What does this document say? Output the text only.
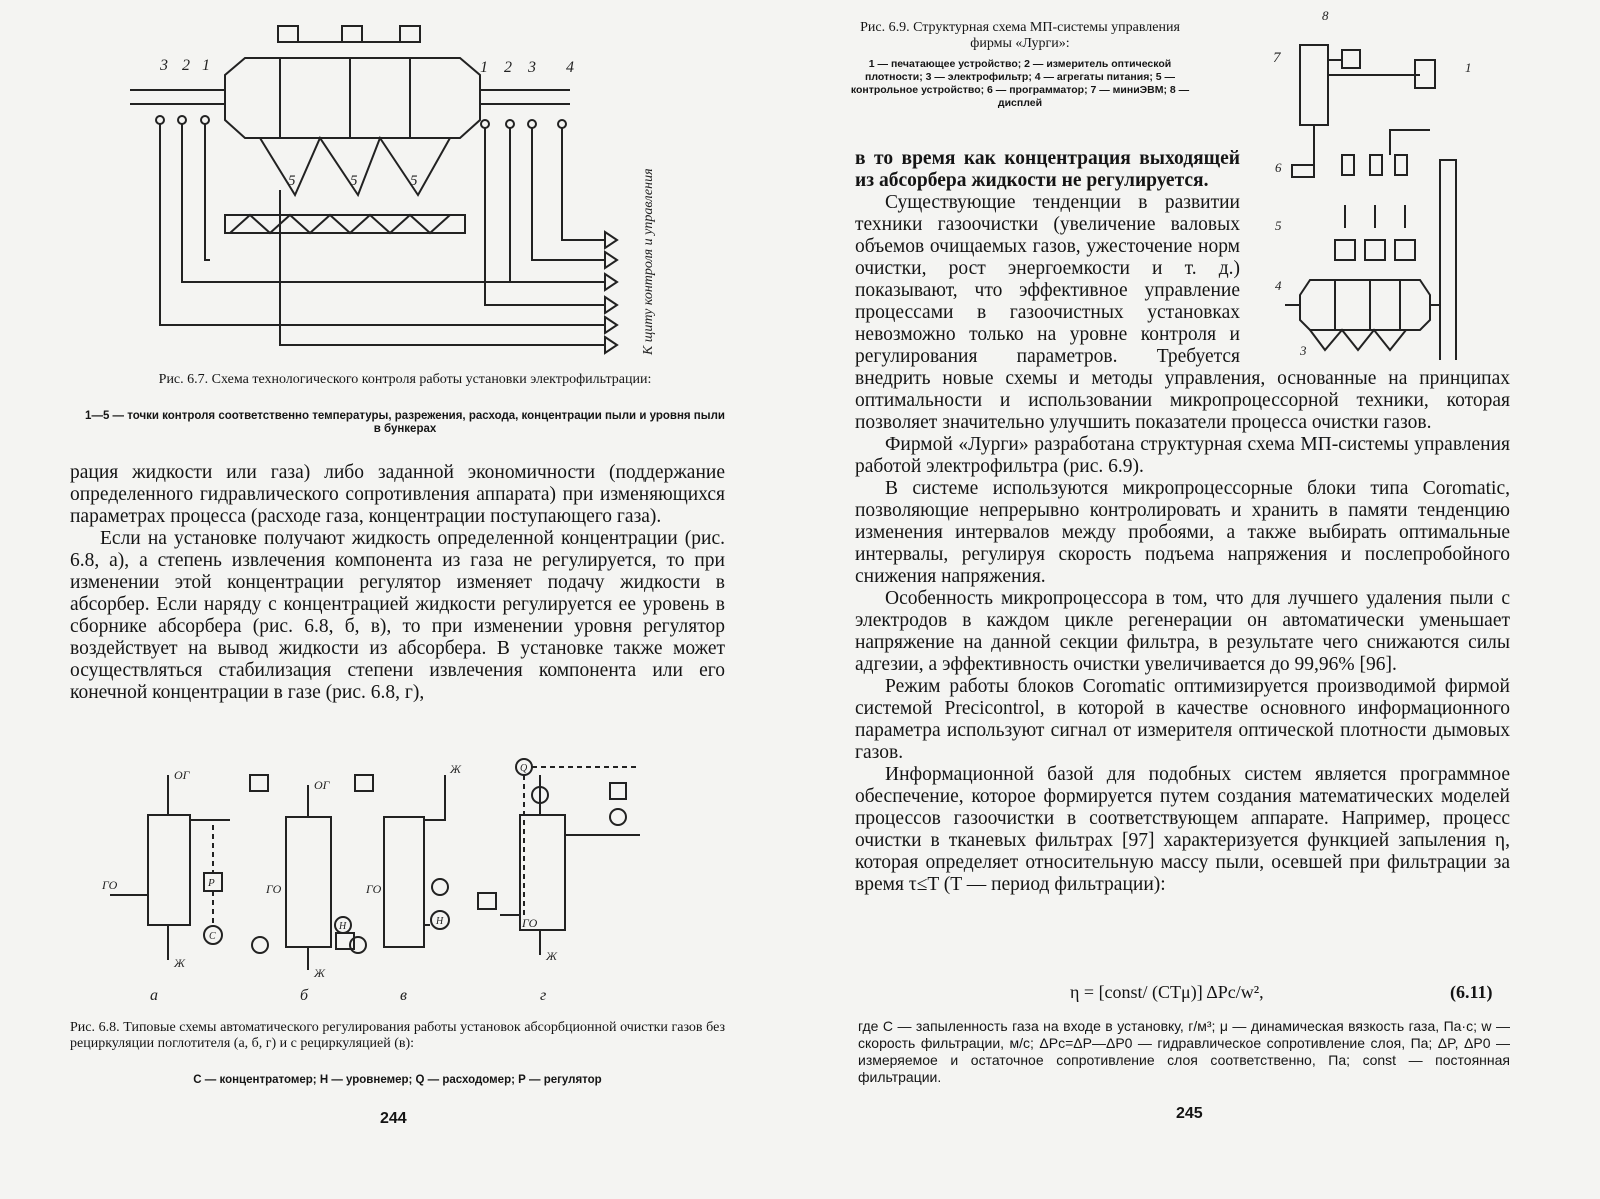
3 2 1	1 2 3 4
5	5	5	К щиту контроля и управления
Рис. 6.7. Схема технологического контроля работы установки электрофильтрации:
1—5 — точки контроля соответственно температуры, разрежения, расхода, концентрации пыли и уровня пыли в бункерах

рация жидкости или газа) либо заданной экономичности (поддержание определенного гидравлического сопротивления аппарата) при изменяющихся параметрах процесса (расходе газа, концентрации поступающего газа).

Если на установке получают жидкость определенной концентрации (рис. 6.8, а), а степень извлечения компонента из газа не регулируется, то при изменении этой концентрации регулятор изменяет подачу жидкости в абсорбер. Если наряду с концентрацией жидкости регулируется ее уровень в сборнике абсорбера (рис. 6.8, б, в), то при изменении уровня регулятор воздействует на вывод жидкости из абсорбера. В установке также может осуществляться стабилизация степени извлечения компонента или его конечной концентрации в газе (рис. 6.8, г),

ОГ
ОГ
ГО	ГО	ГО
ГО
Ж
Ж
Ж
Ж
Р
С
Н	Н
Q
а	б	в	г
Рис. 6.8. Типовые схемы автоматического регулирования работы установок абсорбционной очистки газов без рециркуляции поглотителя (а, б, г) и с рециркуляцией (в):
С — концентратомер; Н — уровнемер; Q — расходомер; Р — регулятор
244
Рис. 6.9. Структурная схема МП-системы управления фирмы «Лурги»:
1 — печатающее устройство; 2 — измеритель оптической плотности; 3 — электрофильтр; 4 — агрегаты питания; 5 — контрольное устройство; 6 — программатор; 7 — миниЭВМ; 8 — дисплей
8
7
1
6
5
4
3

в то время как концентрация выходящей из абсорбера жидкости не регулируется.

Существующие тенденции в развитии техники газоочистки (увеличение валовых объемов очищаемых газов, ужесточение норм очистки, рост энергоемкости и т. д.) показывают, что эффективное управление процессами в газоочистных установках невозможно только на уровне контроля и регулирования параметров. Требуется внедрить новые схемы и методы управления, основанные на принципах оптимальности и использовании микропроцессорной техники, которая позволяет значительно улучшить показатели процесса очистки газов.

Фирмой «Лурги» разработана структурная схема МП-системы управления работой электрофильтра (рис. 6.9).

В системе используются микропроцессорные блоки типа Coromatic, позволяющие непрерывно контролировать и хранить в памяти тенденцию изменения интервалов между пробоями, а также выбирать оптимальные интервалы, регулируя скорость подъема напряжения и послепробойного снижения напряжения.

Особенность микропроцессора в том, что для лучшего удаления пыли с электродов в каждом цикле регенерации он автоматически уменьшает напряжение на данной секции фильтра, в результате чего снижаются силы адгезии, а эффективность очистки увеличивается до 99,96% [96].

Режим работы блоков Coromatic оптимизируется производимой фирмой системой Precicontrol, в которой в качестве основного информационного параметра используют сигнал от измерителя оптической плотности дымовых газов.

Информационной базой для подобных систем является программное обеспечение, которое формируется путем создания математических моделей процессов газоочистки в соответствующем аппарате. Например, процесс очистки в тканевых фильтрах [97] характеризуется функцией запыления η, которая определяет относительную массу пыли, осевшей при фильтрации за время τ≤T (T — период фильтрации):

η = [const/ (CTμ)] ΔPc/w²,	(6.11)
где C — запыленность газа на входе в установку, г/м³; μ — динамическая вязкость газа, Па·с; w — скорость фильтрации, м/с; ΔPc=ΔP—ΔP0 — гидравлическое сопротивление слоя, Па; ΔP, ΔP0 — измеряемое и остаточное сопротивление слоя соответственно, Па; const — постоянная фильтрации.
245
